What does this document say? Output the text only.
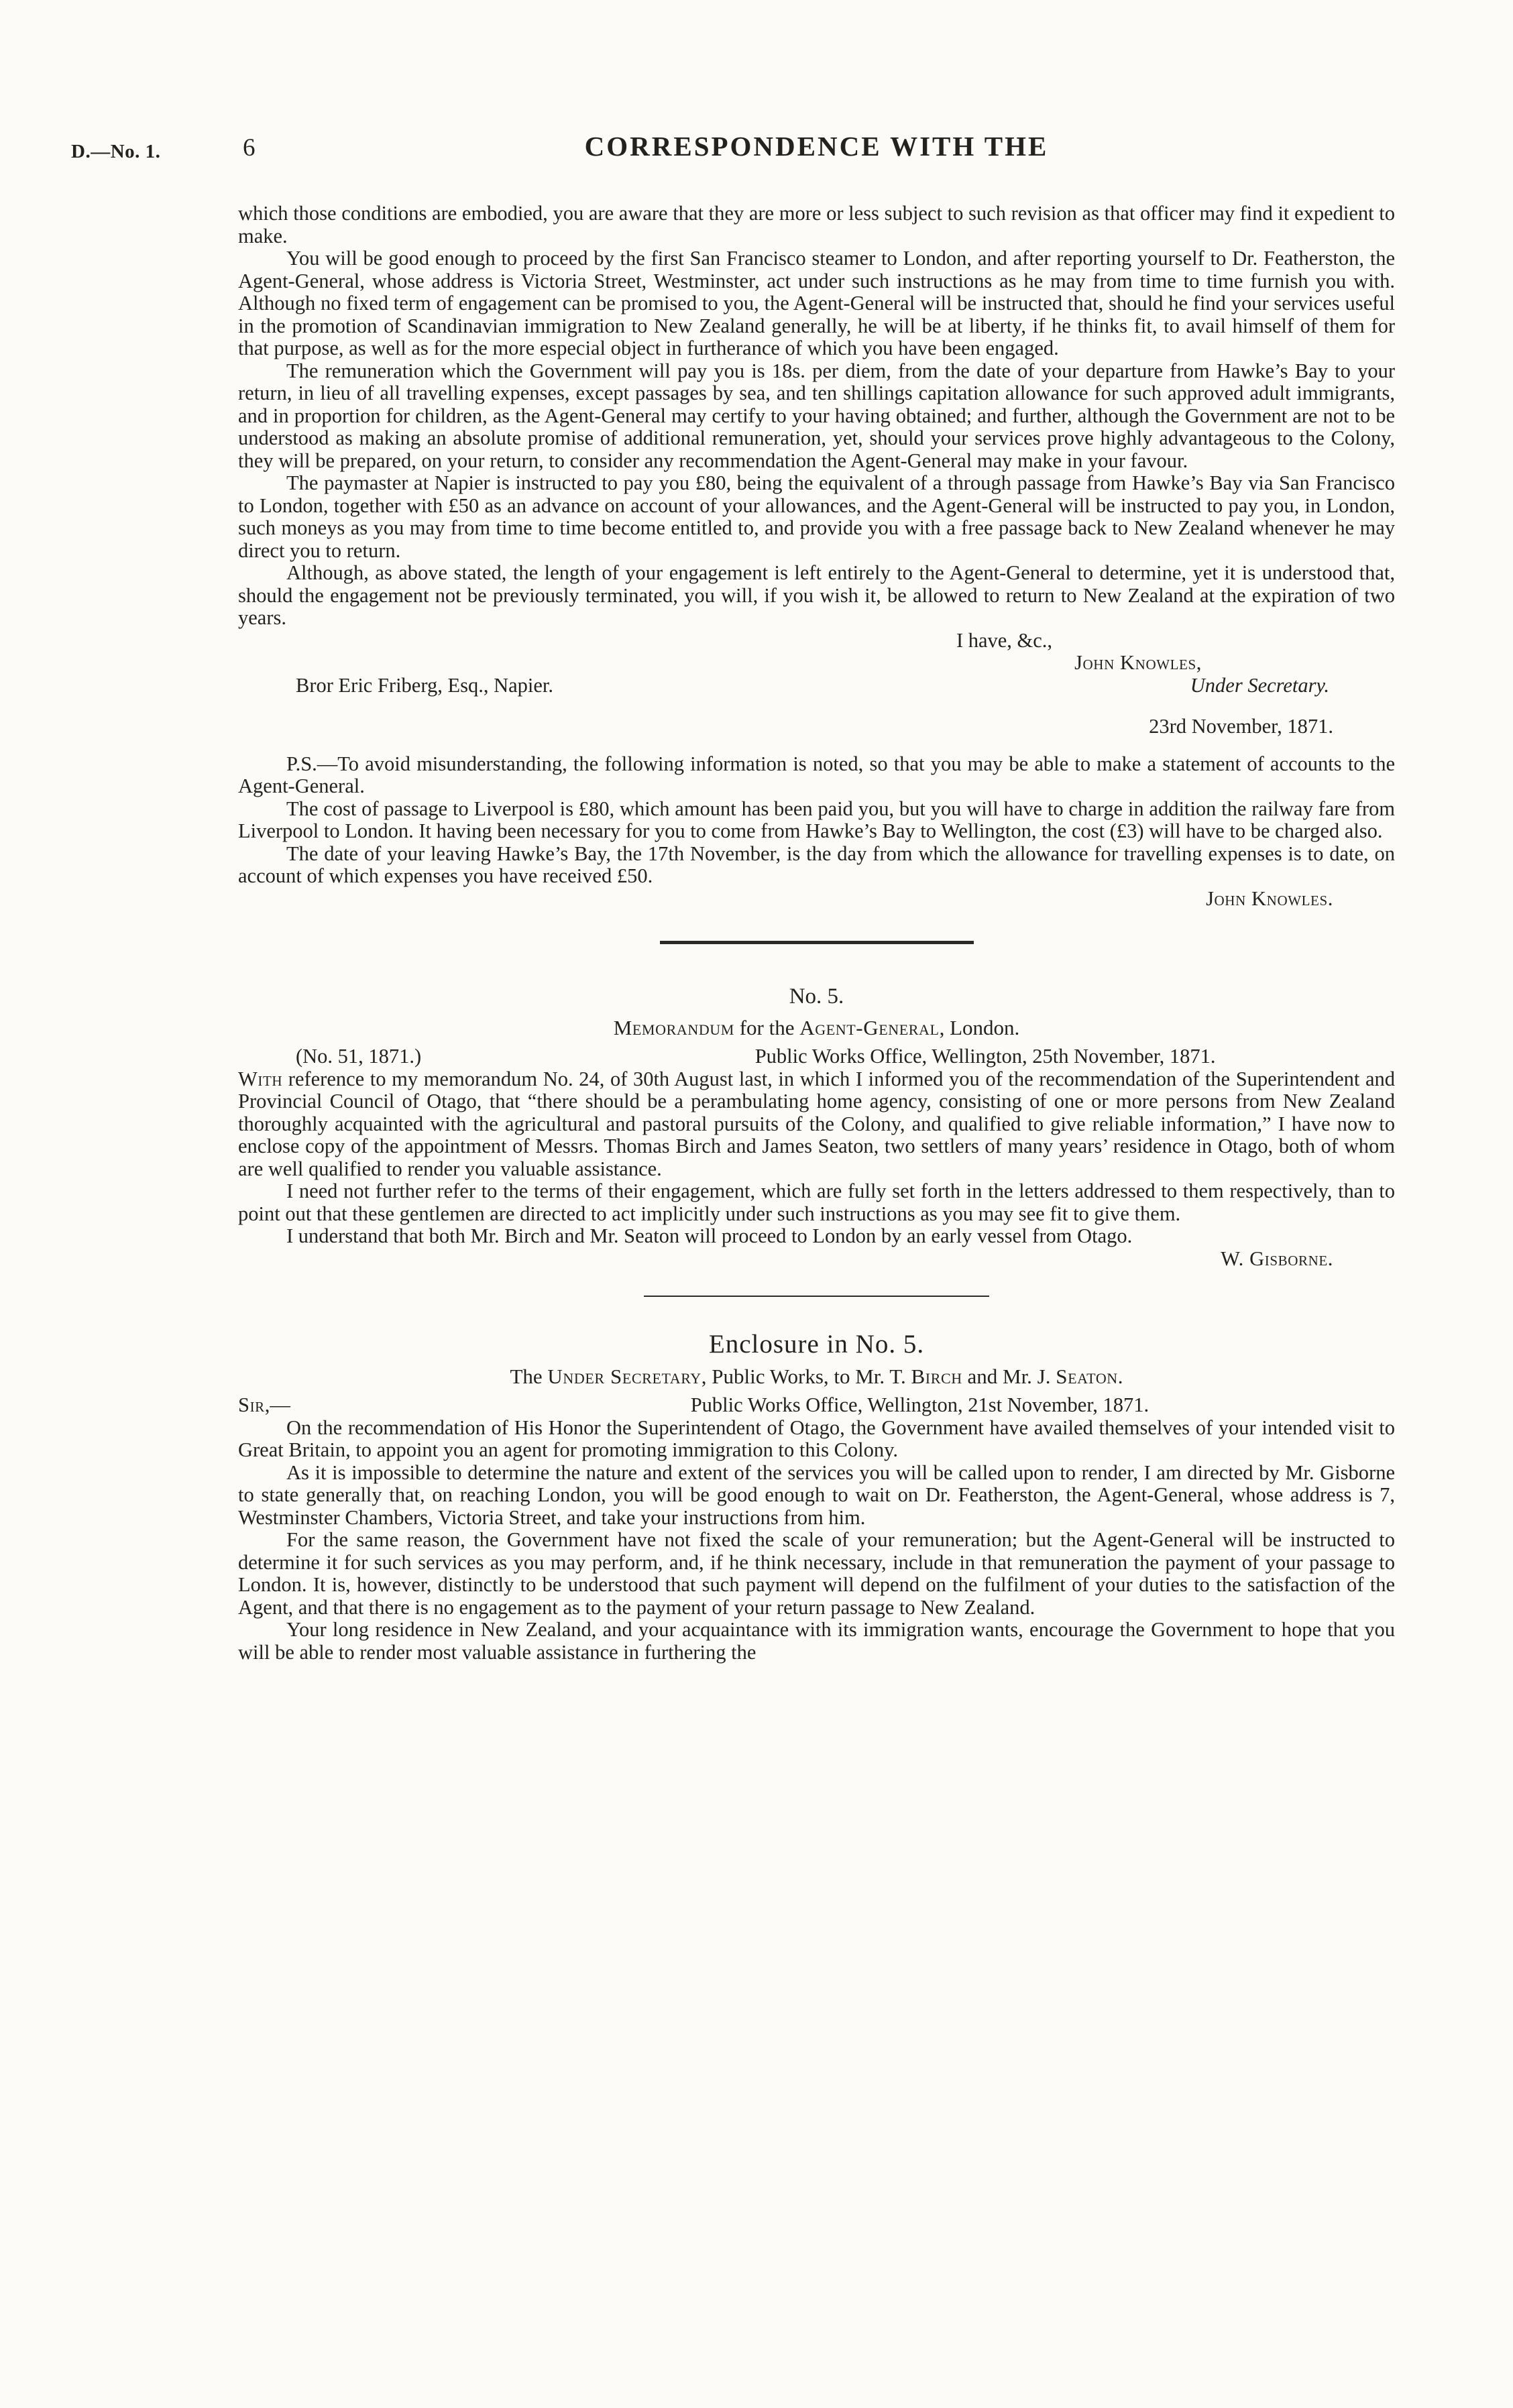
D.—No. 1.	6	CORRESPONDENCE WITH THE

which those conditions are embodied, you are aware that they are more or less subject to such revision as that officer may find it expedient to make.

You will be good enough to proceed by the first San Francisco steamer to London, and after reporting yourself to Dr. Featherston, the Agent-General, whose address is Victoria Street, Westminster, act under such instructions as he may from time to time furnish you with. Although no fixed term of engagement can be promised to you, the Agent-General will be instructed that, should he find your services useful in the promotion of Scandinavian immigration to New Zealand generally, he will be at liberty, if he thinks fit, to avail himself of them for that purpose, as well as for the more especial object in furtherance of which you have been engaged.

The remuneration which the Government will pay you is 18s. per diem, from the date of your departure from Hawke’s Bay to your return, in lieu of all travelling expenses, except passages by sea, and ten shillings capitation allowance for such approved adult immigrants, and in proportion for children, as the Agent-General may certify to your having obtained; and further, although the Government are not to be understood as making an absolute promise of additional remuneration, yet, should your services prove highly advantageous to the Colony, they will be prepared, on your return, to consider any recommendation the Agent-General may make in your favour.

The paymaster at Napier is instructed to pay you £80, being the equivalent of a through passage from Hawke’s Bay via San Francisco to London, together with £50 as an advance on account of your allowances, and the Agent-General will be instructed to pay you, in London, such moneys as you may from time to time become entitled to, and provide you with a free passage back to New Zealand whenever he may direct you to return.

Although, as above stated, the length of your engagement is left entirely to the Agent-General to determine, yet it is understood that, should the engagement not be previously terminated, you will, if you wish it, be allowed to return to New Zealand at the expiration of two years.

I have, &c.,
John Knowles,
Bror Eric Friberg, Esq., Napier.	Under Secretary.
23rd November, 1871.

P.S.—To avoid misunderstanding, the following information is noted, so that you may be able to make a statement of accounts to the Agent-General.

The cost of passage to Liverpool is £80, which amount has been paid you, but you will have to charge in addition the railway fare from Liverpool to London. It having been necessary for you to come from Hawke’s Bay to Wellington, the cost (£3) will have to be charged also.

The date of your leaving Hawke’s Bay, the 17th November, is the day from which the allowance for travelling expenses is to date, on account of which expenses you have received £50.

John Knowles.
No. 5.
Memorandum for the Agent-General, London.
(No. 51, 1871.)	Public Works Office, Wellington, 25th November, 1871.

With reference to my memorandum No. 24, of 30th August last, in which I informed you of the recommendation of the Superintendent and Provincial Council of Otago, that “there should be a perambulating home agency, consisting of one or more persons from New Zealand thoroughly acquainted with the agricultural and pastoral pursuits of the Colony, and qualified to give reliable information,” I have now to enclose copy of the appointment of Messrs. Thomas Birch and James Seaton, two settlers of many years’ residence in Otago, both of whom are well qualified to render you valuable assistance.

I need not further refer to the terms of their engagement, which are fully set forth in the letters addressed to them respectively, than to point out that these gentlemen are directed to act implicitly under such instructions as you may see fit to give them.

I understand that both Mr. Birch and Mr. Seaton will proceed to London by an early vessel from Otago.

W. Gisborne.
Enclosure in No. 5.
The Under Secretary, Public Works, to Mr. T. Birch and Mr. J. Seaton.
Sir,—	Public Works Office, Wellington, 21st November, 1871.

On the recommendation of His Honor the Superintendent of Otago, the Government have availed themselves of your intended visit to Great Britain, to appoint you an agent for promoting immigration to this Colony.

As it is impossible to determine the nature and extent of the services you will be called upon to render, I am directed by Mr. Gisborne to state generally that, on reaching London, you will be good enough to wait on Dr. Featherston, the Agent-General, whose address is 7, Westminster Chambers, Victoria Street, and take your instructions from him.

For the same reason, the Government have not fixed the scale of your remuneration; but the Agent-General will be instructed to determine it for such services as you may perform, and, if he think necessary, include in that remuneration the payment of your passage to London. It is, however, distinctly to be understood that such payment will depend on the fulfilment of your duties to the satisfaction of the Agent, and that there is no engagement as to the payment of your return passage to New Zealand.

Your long residence in New Zealand, and your acquaintance with its immigration wants, encourage the Government to hope that you will be able to render most valuable assistance in furthering the
